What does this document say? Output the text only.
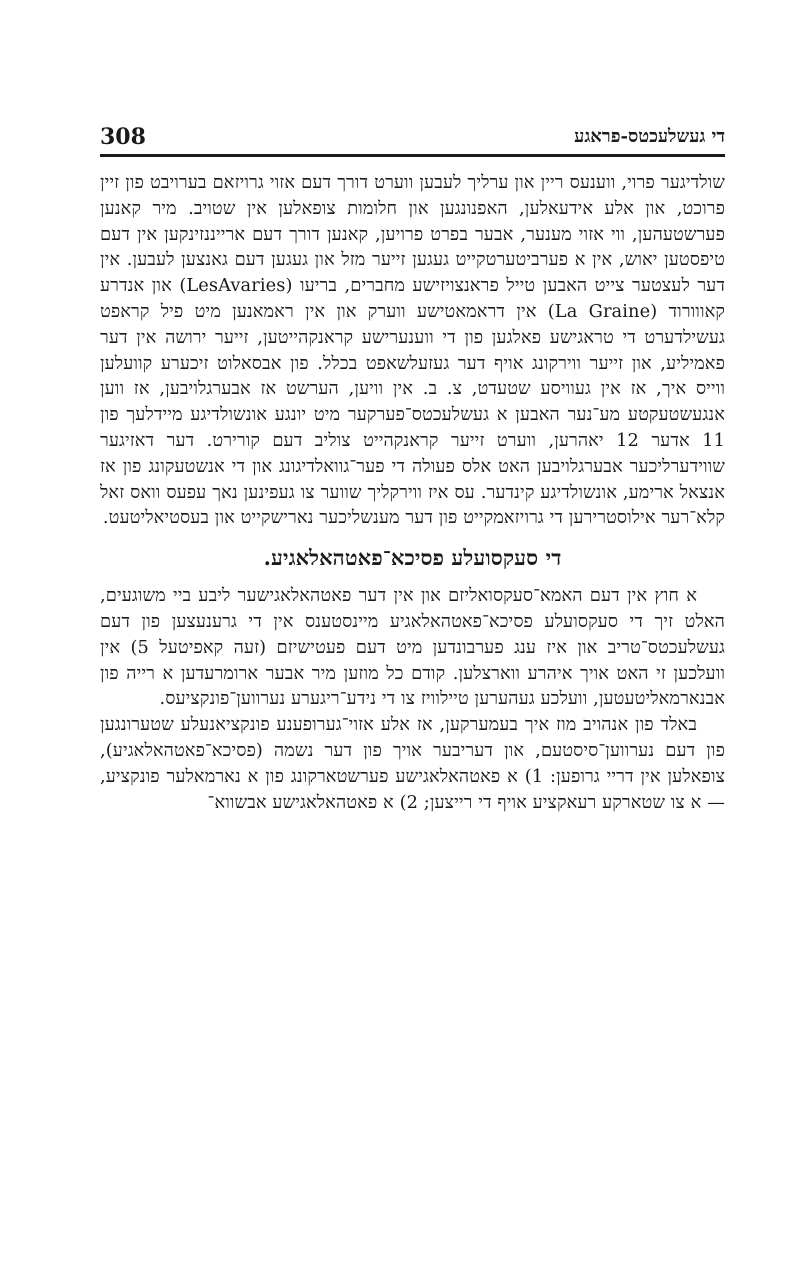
308	די געשלעכטס-פראגע

שולדיגער פרוי, ווענעס ריין און ערליך לעבען ווערט דורך דעם אזוי גרויזאם בערויבט פון זיין פרוכט, און אלע אידעאלען, האפנונגען און חלומות צופאלען אין שטויב. מיר קאנען פערשטעהען, ווי אזוי מענער, אבער בפרט פרויען, קאנען דורך דעם ארייננזינקען אין דעם טיפסטען יאוש, אין א פערביטערטקייט געגען זייער מזל און געגען דעם גאנצען לעבען. אין דער לעצטער צייט האבען טייל פראנצויזישע מחברים, בריעו (LesAvaries) און אנדרע קאווורוד (La Graine) אין דראמאטישע ווערק און אין ראמאנען מיט פיל קראפט געשילדערט די טראגישע פאלגען פון די ווענערישע קראנקהייטען, זייער ירושה אין דער פאמיליע, און זייער ווירקונג אויף דער געזעלשאפט בכלל. פון אבסאלוט זיכערע קוועלען ווייס איך, אז אין געוויסע שטעדט, צ. ב. אין וויען, הערשט אז אבערגלויבען, אז ווען אנגעשטעקטע מע־נער האבען א געשלעכטס־פערקער מיט יונגע אונשולדיגע מיידלעך פון 11 אדער 12 יאהרען, ווערט זייער קראנקהייט צוליב דעם קורירט. דער דאזיגער שווידערליכער אבערגלויבען האט אלס פעולה די פער־גוואלדיגונג און די אנשטעקונג פון אז אנצאל ארימע, אונשולדיגע קינדער. עס איז ווירקליך שווער צו געפינען נאך עפעס וואס זאל קלא־רער אילוסטרירען די גרויזאמקייט פון דער מענשליכער נארישקייט און בעסטיאליטעט.

די סעקסועלע פסיכא־פאטהאלאגיע.

א חוץ אין דעם האמא־סעקסואליזם און אין דער פאטהאלאגישער ליבע ביי משוגעים, האלט זיך די סעקסועלע פסיכא־פאטהאלאגיע מיינסטענס אין די גרענעצען פון דעם געשלעכטס־טריב און איז ענג פערבונדען מיט דעם פעטישיזם (זעה קאפיטעל 5) אין וועלכען זי האט אויך איהרע ווארצלען. קודם כל מוזען מיר אבער ארומרעדען א רייה פון אבנארמאליטעטען, וועלכע געהערען טיילוויז צו די נידע־ריגערע נערווען־פונקציעס.

באלד פון אנהויב מוז איך בעמערקען, אז אלע אזוי־גערופענע פונקציאנעלע שטערונגען פון דעם נערווען־סיסטעם, און דעריבער אויך פון דער נשמה (פסיכא־פאטהאלאגיע), צופאלען אין דריי גרופען: 1) א פאטהאלאגישע פערשטארקונג פון א נארמאלער פונקציע, — א צו שטארקע רעאקציע אויף די רייצען; 2) א פאטהאלאגישע אבשווא־
